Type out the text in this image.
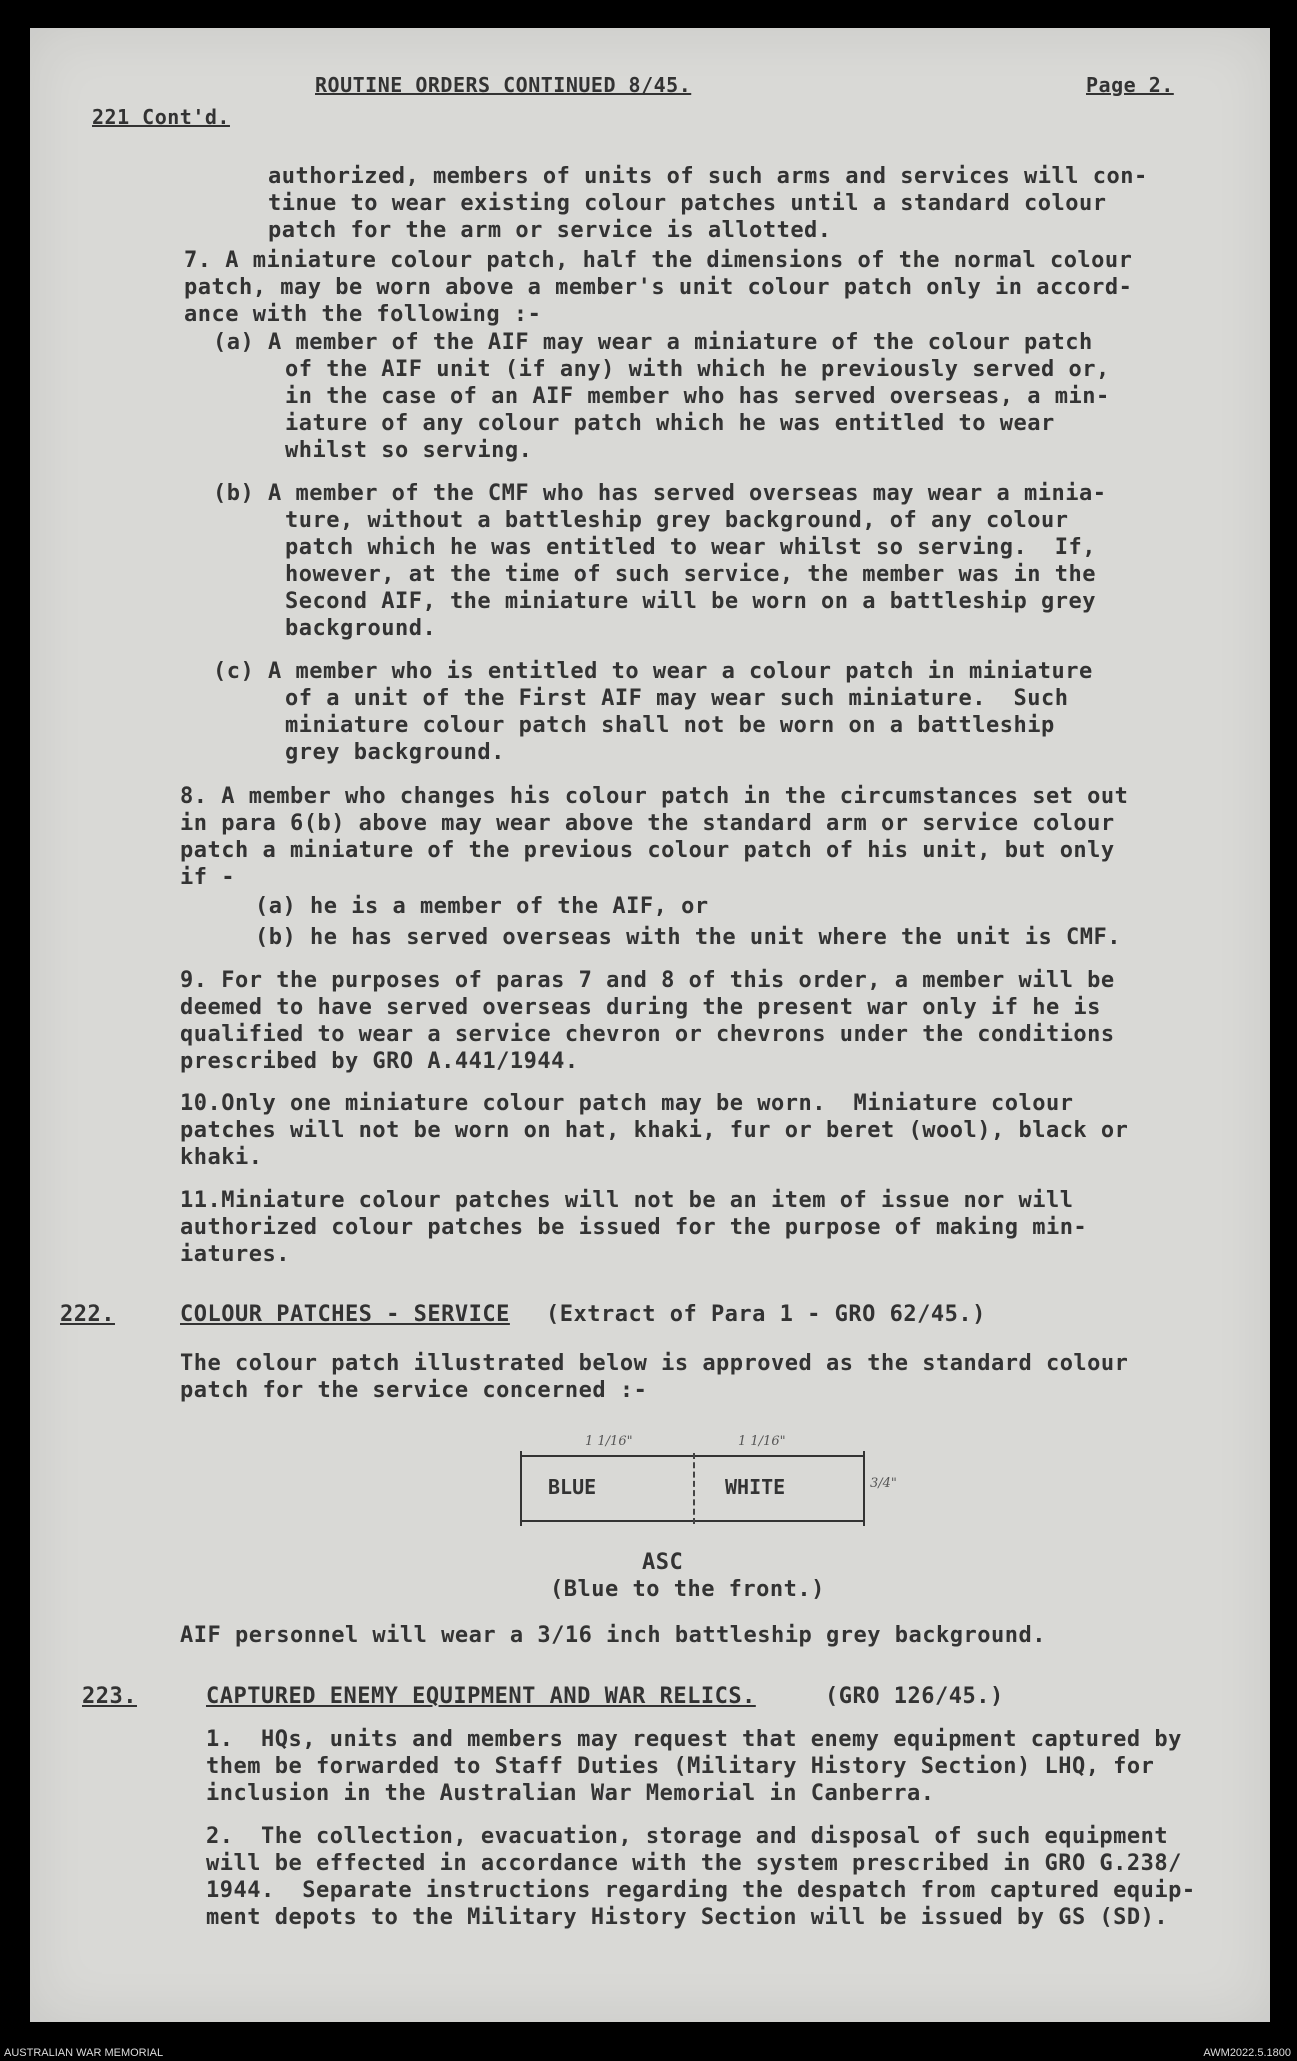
ROUTINE ORDERS CONTINUED 8/45.	Page 2.
221 Cont'd.
authorized, members of units of such arms and services will con-
tinue to wear existing colour patches until a standard colour
patch for the arm or service is allotted.
7. A miniature colour patch, half the dimensions of the normal colour
patch, may be worn above a member's unit colour patch only in accord-
ance with the following :-
(a) A member of the AIF may wear a miniature of the colour patch
of the AIF unit (if any) with which he previously served or,
in the case of an AIF member who has served overseas, a min-
iature of any colour patch which he was entitled to wear
whilst so serving.
(b) A member of the CMF who has served overseas may wear a minia-
ture, without a battleship grey background, of any colour
patch which he was entitled to wear whilst so serving.  If,
however, at the time of such service, the member was in the
Second AIF, the miniature will be worn on a battleship grey
background.
(c) A member who is entitled to wear a colour patch in miniature
of a unit of the First AIF may wear such miniature.  Such
miniature colour patch shall not be worn on a battleship
grey background.
8. A member who changes his colour patch in the circumstances set out
in para 6(b) above may wear above the standard arm or service colour
patch a miniature of the previous colour patch of his unit, but only
if -
(a) he is a member of the AIF, or
(b) he has served overseas with the unit where the unit is CMF.
9. For the purposes of paras 7 and 8 of this order, a member will be
deemed to have served overseas during the present war only if he is
qualified to wear a service chevron or chevrons under the conditions
prescribed by GRO A.441/1944.
10.Only one miniature colour patch may be worn.  Miniature colour
patches will not be worn on hat, khaki, fur or beret (wool), black or
khaki.
11.Miniature colour patches will not be an item of issue nor will
authorized colour patches be issued for the purpose of making min-
iatures.
222.	COLOUR PATCHES - SERVICE (Extract of Para 1 - GRO 62/45.)
The colour patch illustrated below is approved as the standard colour
patch for the service concerned :-
1 1/16"	1 1/16"
3/4"
BLUE	WHITE
ASC
(Blue to the front.)
AIF personnel will wear a 3/16 inch battleship grey background.
223.	CAPTURED ENEMY EQUIPMENT AND WAR RELICS.	(GRO 126/45.)
1.  HQs, units and members may request that enemy equipment captured by
them be forwarded to Staff Duties (Military History Section) LHQ, for
inclusion in the Australian War Memorial in Canberra.
2.  The collection, evacuation, storage and disposal of such equipment
will be effected in accordance with the system prescribed in GRO G.238/
1944.  Separate instructions regarding the despatch from captured equip-
ment depots to the Military History Section will be issued by GS (SD).
AUSTRALIAN WAR MEMORIAL	AWM2022.5.1800
